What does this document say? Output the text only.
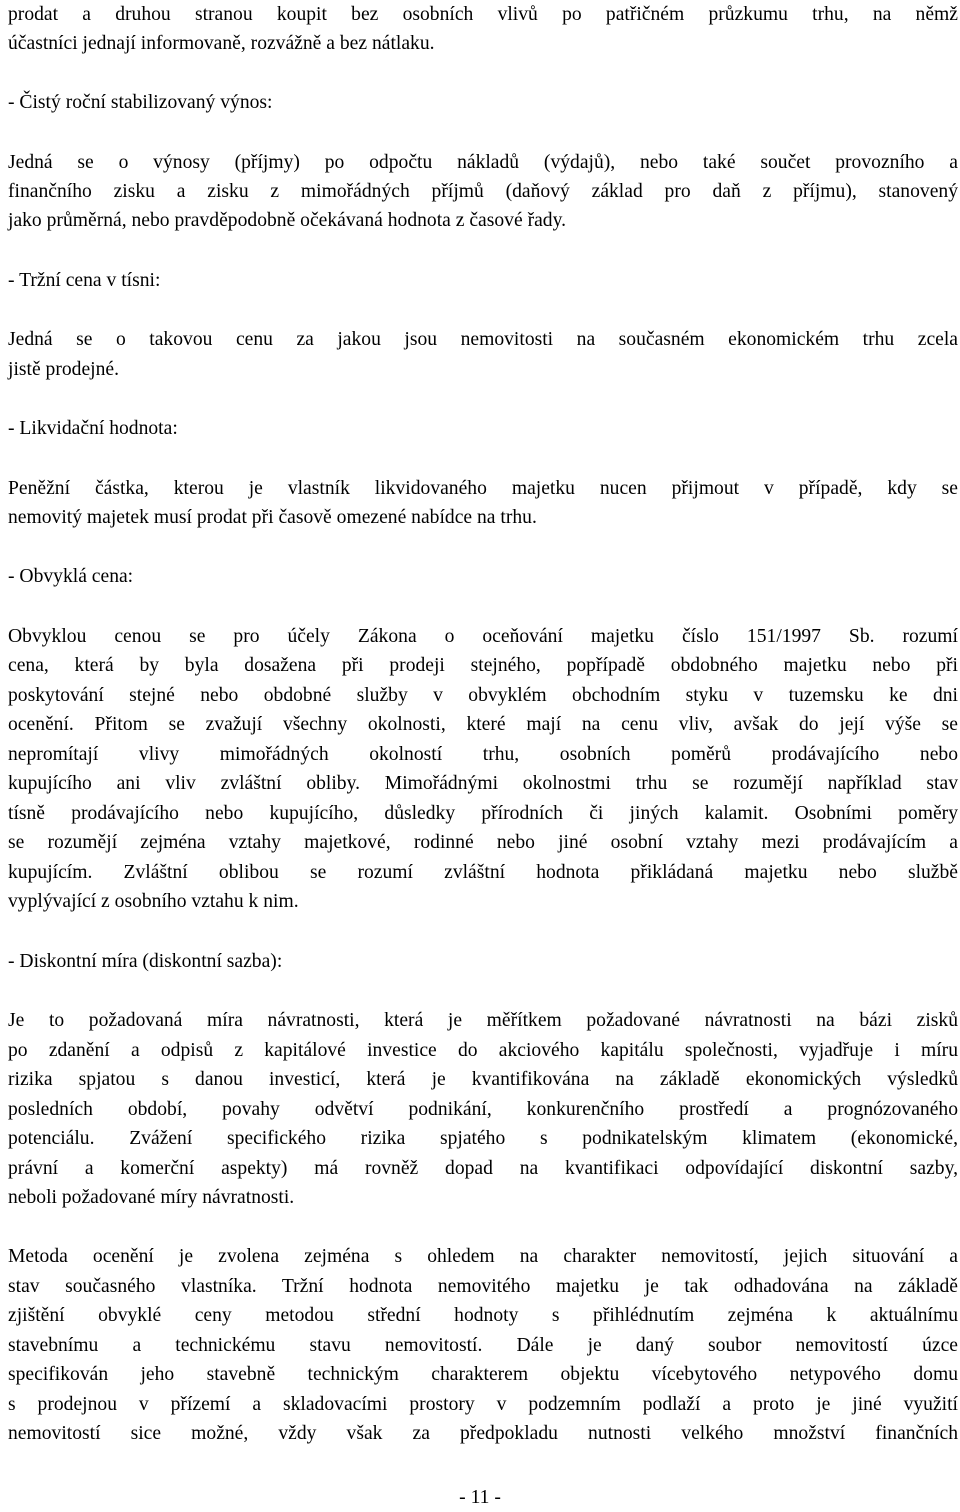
prodat a druhou stranou koupit bez osobních vlivů po patřičném průzkumu trhu, na němž
účastníci jednají informovaně, rozvážně a bez nátlaku.
- Čistý roční stabilizovaný výnos:
Jedná se o výnosy (příjmy) po odpočtu nákladů (výdajů), nebo také součet provozního a
finančního zisku a zisku z mimořádných příjmů (daňový základ pro daň z příjmu), stanovený
jako průměrná, nebo pravděpodobně očekávaná hodnota z časové řady.
- Tržní cena v tísni:
Jedná se o takovou cenu za jakou jsou nemovitosti na současném ekonomickém trhu zcela
jistě prodejné.
- Likvidační hodnota:
Peněžní částka, kterou je vlastník likvidovaného majetku nucen přijmout v případě, kdy se
nemovitý majetek musí prodat při časově omezené nabídce na trhu.
- Obvyklá cena:
Obvyklou cenou se pro účely Zákona o oceňování majetku číslo 151/1997 Sb. rozumí
cena, která by byla dosažena při prodeji stejného, popřípadě obdobného majetku nebo při
poskytování stejné nebo obdobné služby v obvyklém obchodním styku v tuzemsku ke dni
ocenění. Přitom se zvažují všechny okolnosti, které mají na cenu vliv, avšak do její výše se
nepromítají vlivy mimořádných okolností trhu, osobních poměrů prodávajícího nebo
kupujícího ani vliv zvláštní obliby. Mimořádnými okolnostmi trhu se rozumějí například stav
tísně prodávajícího nebo kupujícího, důsledky přírodních či jiných kalamit. Osobními poměry
se rozumějí zejména vztahy majetkové, rodinné nebo jiné osobní vztahy mezi prodávajícím a
kupujícím. Zvláštní oblibou se rozumí zvláštní hodnota přikládaná majetku nebo službě
vyplývající z osobního vztahu k nim.
- Diskontní míra (diskontní sazba):
Je to požadovaná míra návratnosti, která je měřítkem požadované návratnosti na bázi zisků
po zdanění a odpisů z kapitálové investice do akciového kapitálu společnosti, vyjadřuje i míru
rizika spjatou s danou investicí, která je kvantifikována na základě ekonomických výsledků
posledních období, povahy odvětví podnikání, konkurenčního prostředí a prognózovaného
potenciálu. Zvážení specifického rizika spjatého s podnikatelským klimatem (ekonomické,
právní a komerční aspekty) má rovněž dopad na kvantifikaci odpovídající diskontní sazby,
neboli požadované míry návratnosti.
Metoda ocenění je zvolena zejména s ohledem na charakter nemovitostí, jejich situování a
stav současného vlastníka. Tržní hodnota nemovitého majetku je tak odhadována na základě
zjištění obvyklé ceny metodou střední hodnoty s přihlédnutím zejména k aktuálnímu
stavebnímu a technickému stavu nemovitostí. Dále je daný soubor nemovitostí úzce
specifikován jeho stavebně technickým charakterem objektu vícebytového netypového domu
s prodejnou v přízemí a skladovacími prostory v podzemním podlaží a proto je jiné využití
nemovitostí sice možné, vždy však za předpokladu nutnosti velkého množství finančních
- 11 -
